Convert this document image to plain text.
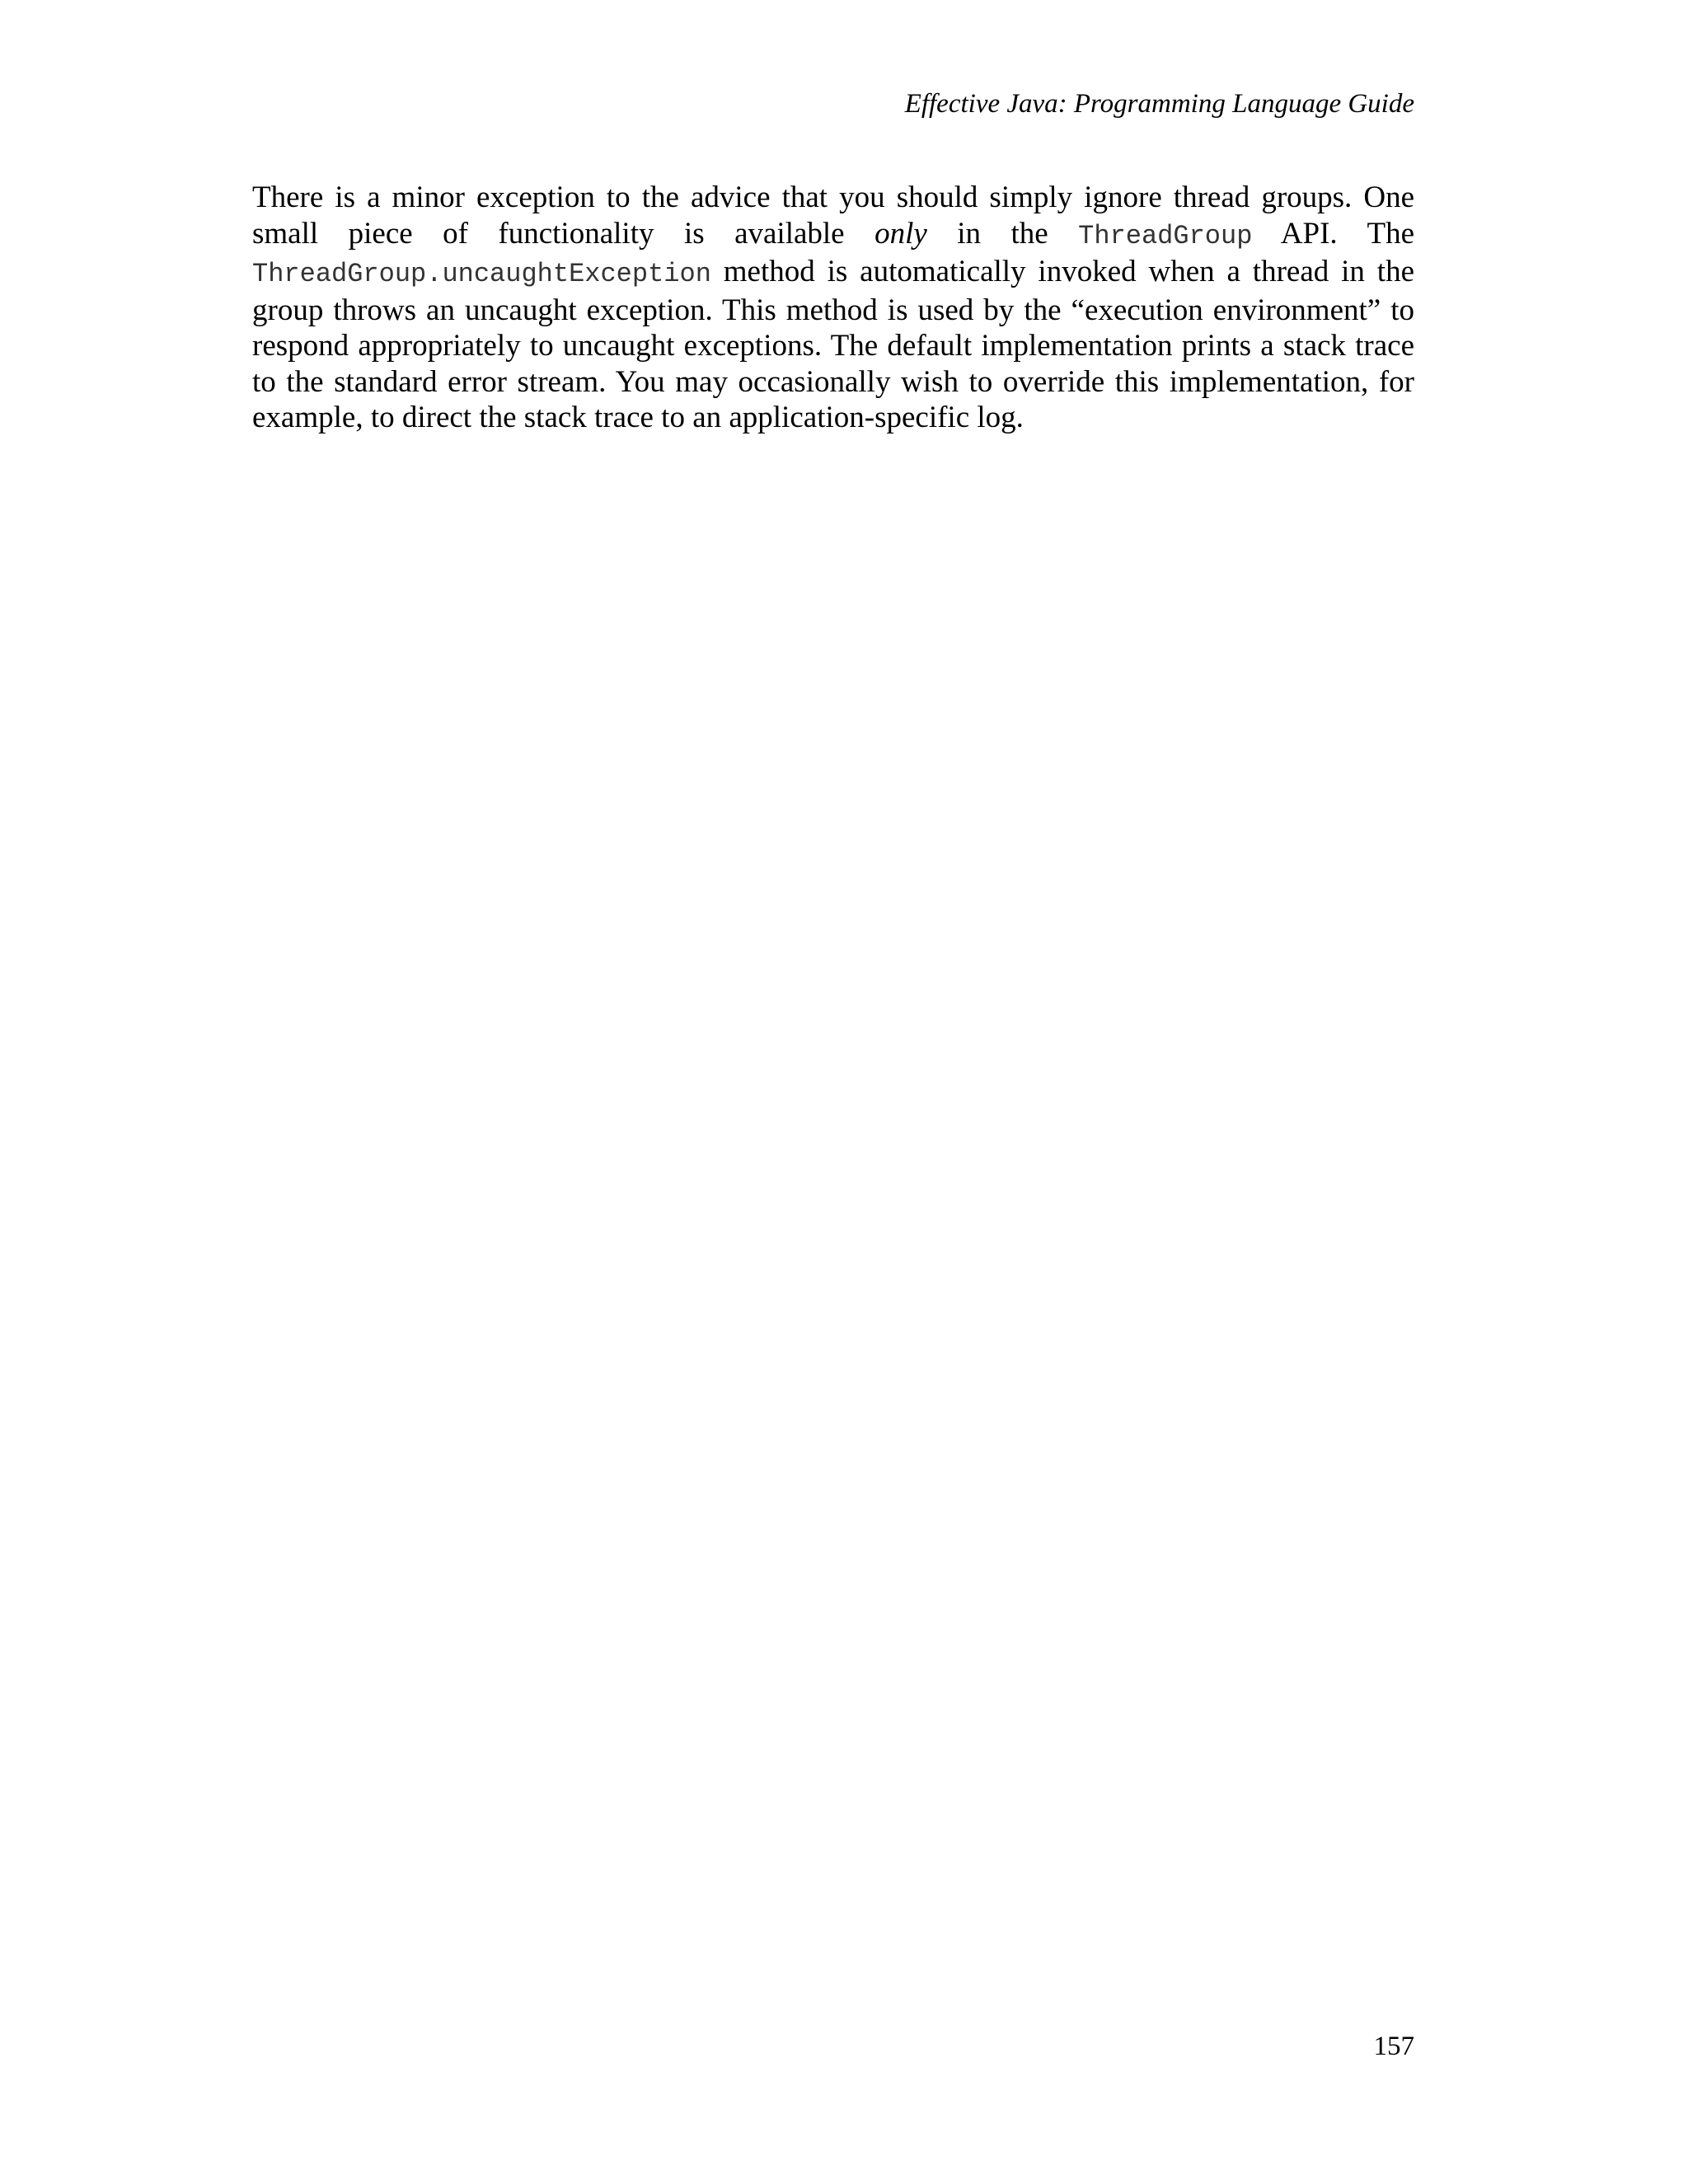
Effective Java: Programming Language Guide

There is a minor exception to the advice that you should simply ignore thread groups. One small piece of functionality is available only in the ThreadGroup API. The ThreadGroup.uncaughtException method is automatically invoked when a thread in the group throws an uncaught exception. This method is used by the “execution environment” to respond appropriately to uncaught exceptions. The default implementation prints a stack trace to the standard error stream. You may occasionally wish to override this implementation, for example, to direct the stack trace to an application-specific log.

157
